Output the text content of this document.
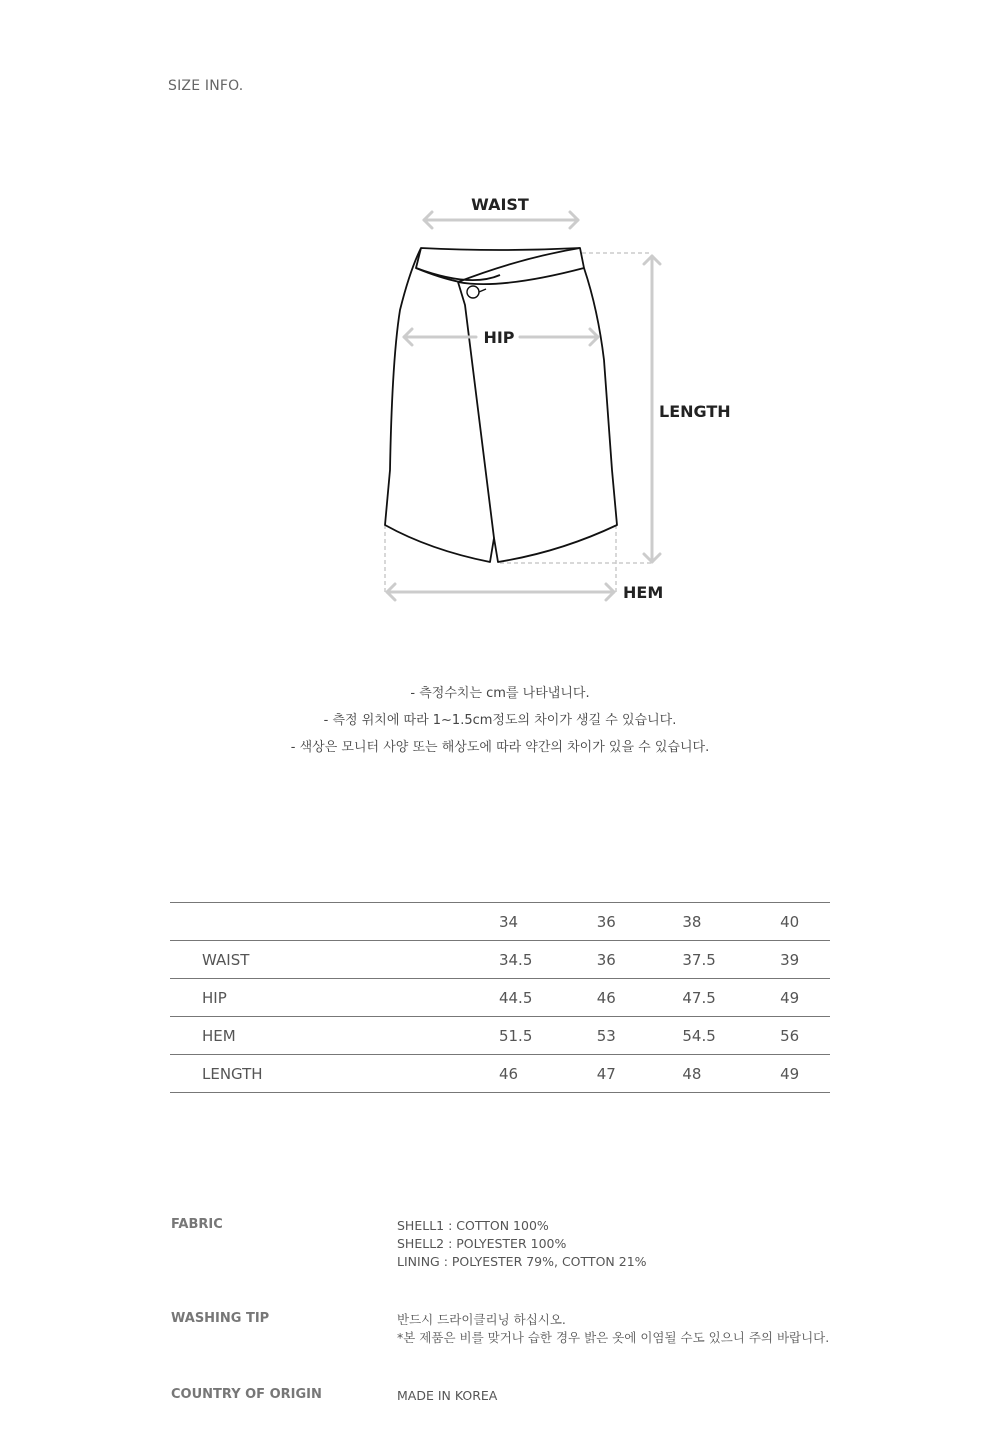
SIZE INFO.
WAIST
HIP
LENGTH
HEM
- 측정수치는 cm를 나타냅니다.
- 측정 위치에 따라 1~1.5cm정도의 차이가 생길 수 있습니다.
- 색상은 모니터 사양 또는 해상도에 따라 약간의 차이가 있을 수 있습니다.
	34	36	38	40
WAIST	34.5	36	37.5	39
HIP	44.5	46	47.5	49
HEM	51.5	53	54.5	56
LENGTH	46	47	48	49
FABRIC	SHELL1 : COTTON 100%
SHELL2 : POLYESTER 100%
LINING : POLYESTER 79%, COTTON 21%
WASHING TIP	반드시 드라이클리닝 하십시오.
*본 제품은 비를 맞거나 습한 경우 밝은 옷에 이염될 수도 있으니 주의 바랍니다.
COUNTRY OF ORIGIN	MADE IN KOREA
